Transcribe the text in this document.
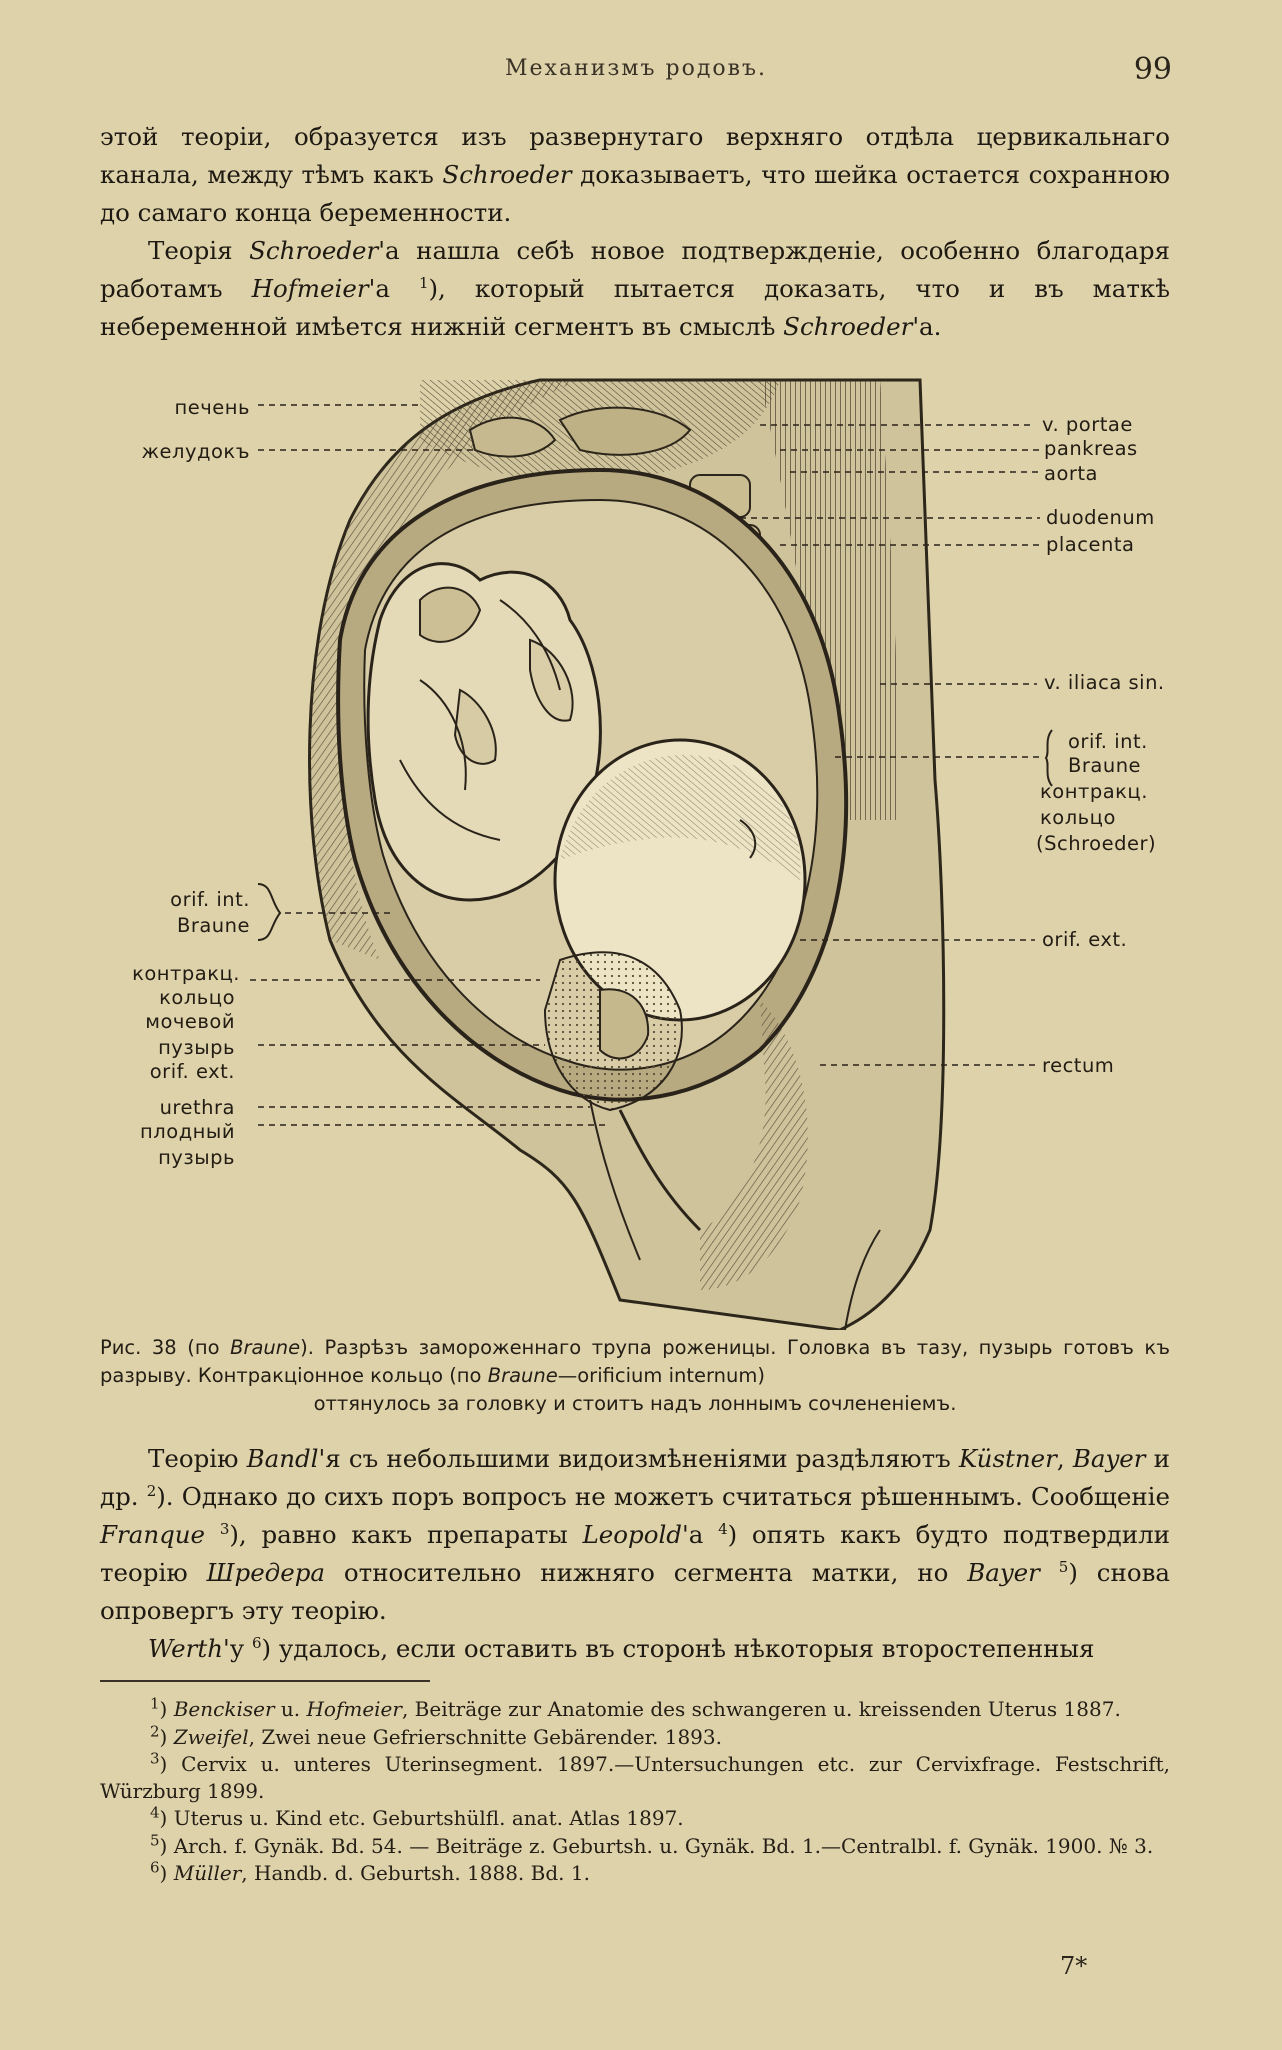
Механизмъ родовъ.	99

этой теоріи, образуется изъ развернутаго верхняго отдѣла цервикальнаго канала, между тѣмъ какъ Schroeder доказываетъ, что шейка остается сохранною до самаго конца беременности.

Теорія Schroeder'а нашла себѣ новое подтвержденіе, особенно благодаря работамъ Hofmeier'а $^1$), который пытается доказать, что и въ маткѣ небеременной имѣется нижній сегментъ въ смыслѣ Schroeder'а.

печень
желудокъ
orif. int.
Braune
контракц.
кольцо
мочевой
пузырь
orif. ext.
urethra
плодный
пузырь
v. portae
pankreas
aorta
duodenum
placenta
v. iliaca sin.
orif. int.
Braune
контракц.
кольцо
(Schroeder)
orif. ext.
rectum
Рис. 38 (по Braune). Разрѣзъ замороженнаго трупа роженицы. Головка въ тазу, пузырь готовъ къ разрыву. Контракціонное кольцо (по Braune—orificium internum)
оттянулось за головку и стоитъ надъ лоннымъ сочлененіемъ.

Теорію Bandl'я съ небольшими видоизмѣненіями раздѣляютъ Küstner, Bayer и др. $^2$). Однако до сихъ поръ вопросъ не можетъ считаться рѣшеннымъ. Сообщеніе Franque $^3$), равно какъ препараты Leopold'а $^4$) опять какъ будто подтвердили теорію Шредера относительно нижняго сегмента матки, но Bayer $^5$) снова опровергъ эту теорію.

Werth'у $^6$) удалось, если оставить въ сторонѣ нѣкоторыя второстепенныя

$^1$) Benckiser u. Hofmeier, Beiträge zur Anatomie des schwangeren u. kreissenden Uterus 1887.

$^2$) Zweifel, Zwei neue Gefrierschnitte Gebärender. 1893.

$^3$) Cervix u. unteres Uterinsegment. 1897.—Untersuchungen etc. zur Cervixfrage. Festschrift, Würzburg 1899.

$^4$) Uterus u. Kind etc. Geburtshülfl. anat. Atlas 1897.

$^5$) Arch. f. Gynäk. Bd. 54. — Beiträge z. Geburtsh. u. Gynäk. Bd. 1.—Centralbl. f. Gynäk. 1900. № 3.

$^6$) Müller, Handb. d. Geburtsh. 1888. Bd. 1.

7*
